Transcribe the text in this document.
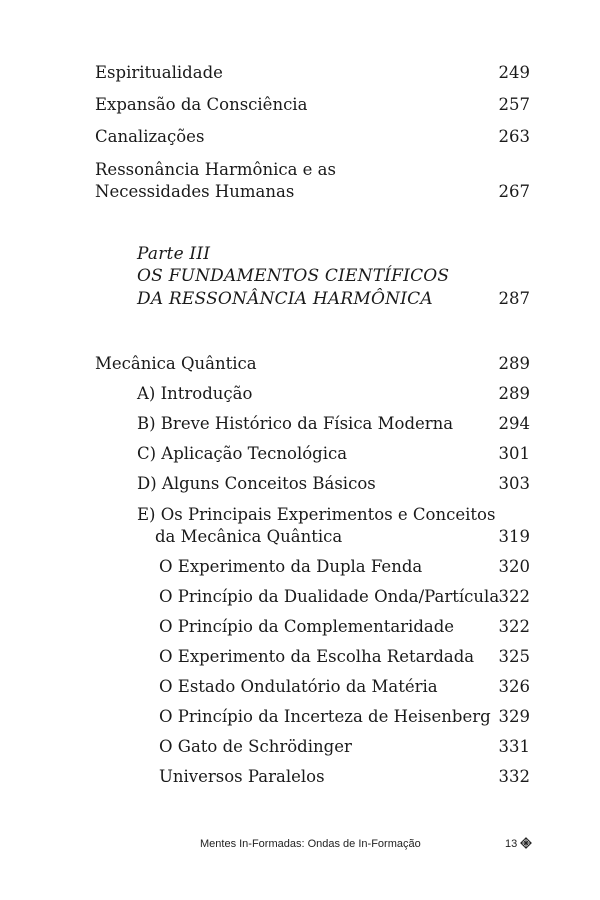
Espiritualidade	249
Expansão da Consciência	257
Canalizações	263
Ressonância Harmônica e as
Necessidades Humanas	267
Parte III
OS FUNDAMENTOS CIENTÍFICOS
DA RESSONÂNCIA HARMÔNICA	287
Mecânica Quântica	289
A) Introdução	289
B) Breve Histórico da Física Moderna	294
C) Aplicação Tecnológica	301
D) Alguns Conceitos Básicos	303
E) Os Principais Experimentos e Conceitos
da Mecânica Quântica	319
O Experimento da Dupla Fenda	320
O Princípio da Dualidade Onda/Partícula 322
O Princípio da Complementaridade	322
O Experimento da Escolha Retardada 325
O Estado Ondulatório da Matéria	326
O Princípio da Incerteza de Heisenberg 329
O Gato de Schrödinger	331
Universos Paralelos	332
Mentes In-Formadas: Ondas de In-Formação	13
